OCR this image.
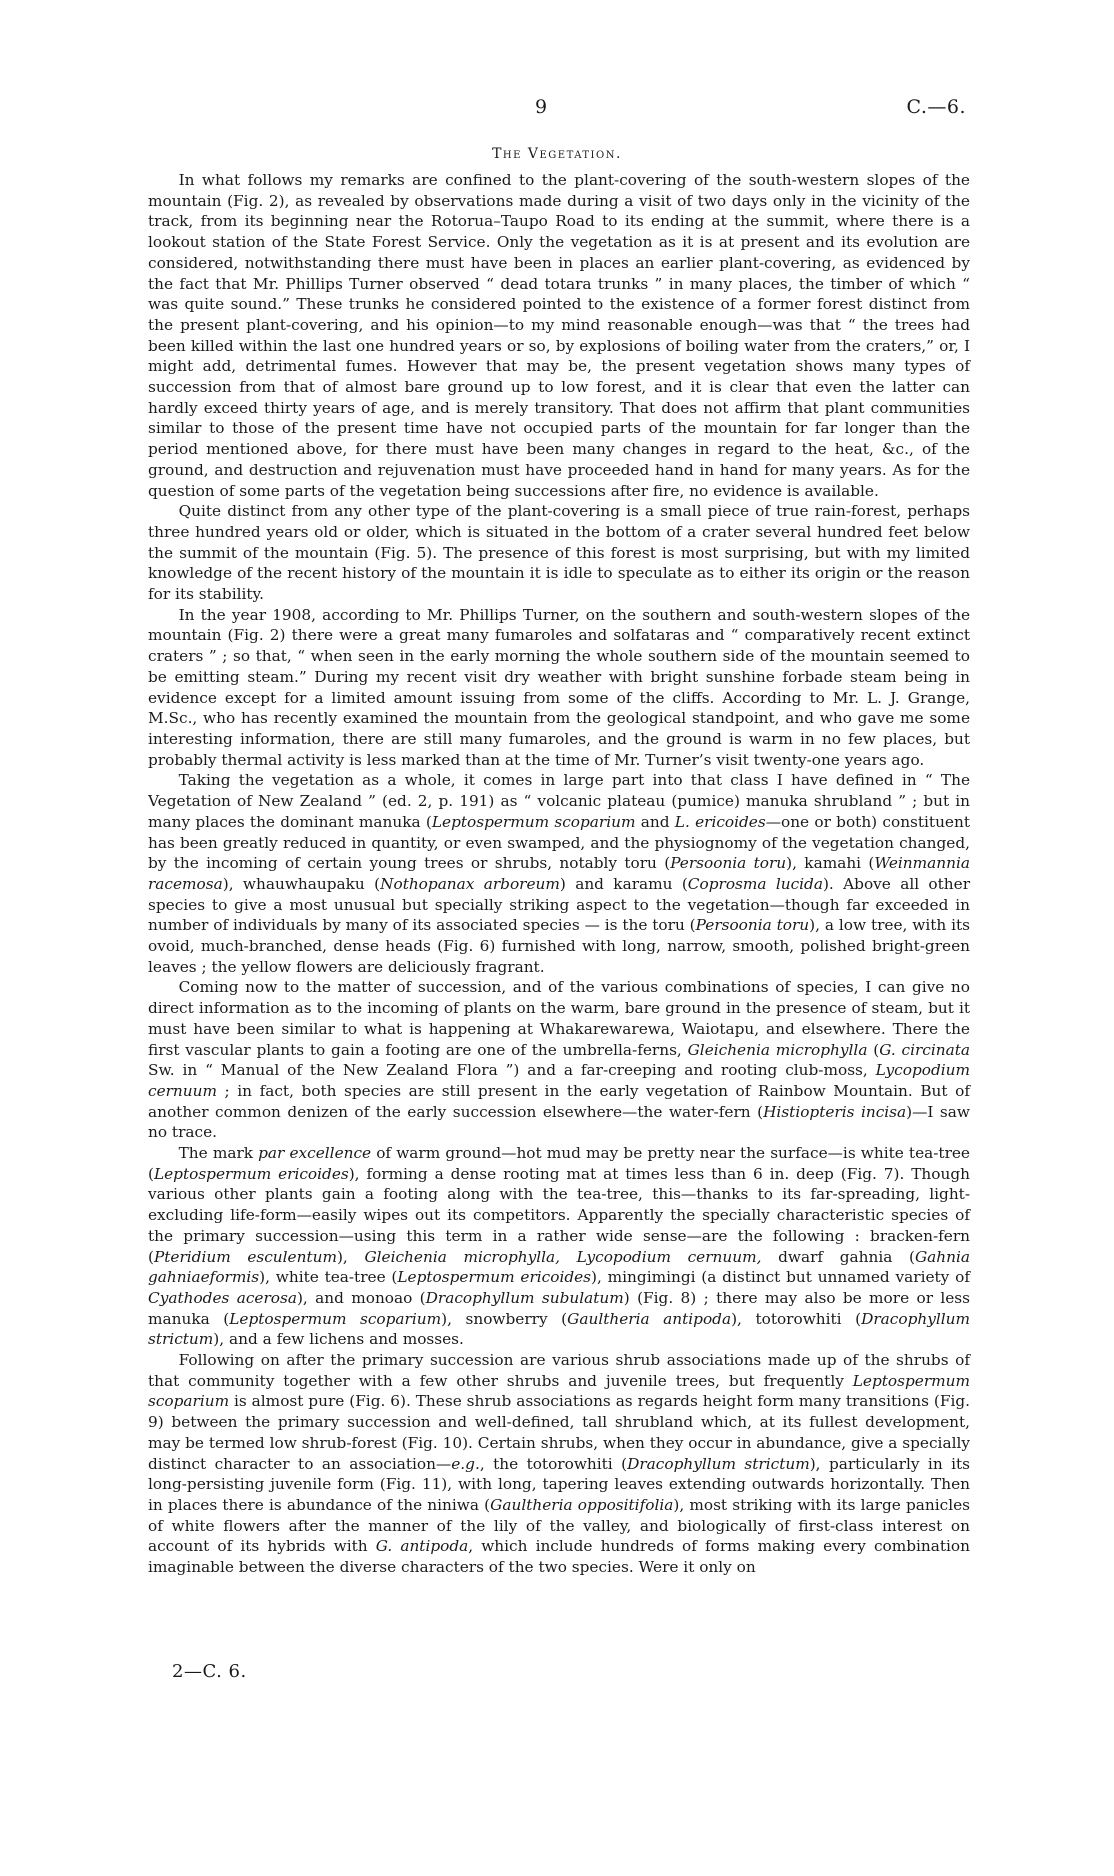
9	C.—6.
The Vegetation.

In what follows my remarks are confined to the plant-covering of the south-western slopes of the mountain (Fig. 2), as revealed by observations made during a visit of two days only in the vicinity of the track, from its beginning near the Rotorua–Taupo Road to its ending at the summit, where there is a lookout station of the State Forest Service. Only the vegetation as it is at present and its evolution are considered, notwithstanding there must have been in places an earlier plant-covering, as evidenced by the fact that Mr. Phillips Turner observed “ dead totara trunks ” in many places, the timber of which “ was quite sound.” These trunks he considered pointed to the existence of a former forest distinct from the present plant-covering, and his opinion—to my mind reasonable enough—was that “ the trees had been killed within the last one hundred years or so, by explosions of boiling water from the craters,” or, I might add, detrimental fumes. However that may be, the present vegetation shows many types of succession from that of almost bare ground up to low forest, and it is clear that even the latter can hardly exceed thirty years of age, and is merely transitory. That does not affirm that plant communities similar to those of the present time have not occupied parts of the mountain for far longer than the period mentioned above, for there must have been many changes in regard to the heat, &c., of the ground, and destruction and rejuvenation must have proceeded hand in hand for many years. As for the question of some parts of the vegetation being successions after fire, no evidence is available.

Quite distinct from any other type of the plant-covering is a small piece of true rain-forest, perhaps three hundred years old or older, which is situated in the bottom of a crater several hundred feet below the summit of the mountain (Fig. 5). The presence of this forest is most surprising, but with my limited knowledge of the recent history of the mountain it is idle to speculate as to either its origin or the reason for its stability.

In the year 1908, according to Mr. Phillips Turner, on the southern and south-western slopes of the mountain (Fig. 2) there were a great many fumaroles and solfataras and “ comparatively recent extinct craters ” ; so that, “ when seen in the early morning the whole southern side of the mountain seemed to be emitting steam.” During my recent visit dry weather with bright sunshine forbade steam being in evidence except for a limited amount issuing from some of the cliffs. According to Mr. L. J. Grange, M.Sc., who has recently examined the mountain from the geological standpoint, and who gave me some interesting information, there are still many fumaroles, and the ground is warm in no few places, but probably thermal activity is less marked than at the time of Mr. Turner’s visit twenty-one years ago.

Taking the vegetation as a whole, it comes in large part into that class I have defined in “ The Vegetation of New Zealand ” (ed. 2, p. 191) as “ volcanic plateau (pumice) manuka shrubland ” ; but in many places the dominant manuka (Leptospermum scoparium and L. ericoides—one or both) constituent has been greatly reduced in quantity, or even swamped, and the physiognomy of the vegetation changed, by the incoming of certain young trees or shrubs, notably toru (Persoonia toru), kamahi (Weinmannia racemosa), whauwhaupaku (Nothopanax arboreum) and karamu (Coprosma lucida). Above all other species to give a most unusual but specially striking aspect to the vegetation—though far exceeded in number of individuals by many of its associated species — is the toru (Persoonia toru), a low tree, with its ovoid, much-branched, dense heads (Fig. 6) furnished with long, narrow, smooth, polished bright-green leaves ; the yellow flowers are deliciously fragrant.

Coming now to the matter of succession, and of the various combinations of species, I can give no direct information as to the incoming of plants on the warm, bare ground in the presence of steam, but it must have been similar to what is happening at Whakarewarewa, Waiotapu, and elsewhere. There the first vascular plants to gain a footing are one of the umbrella-ferns, Gleichenia microphylla (G. circinata Sw. in “ Manual of the New Zealand Flora ”) and a far-creeping and rooting club-moss, Lycopodium cernuum ; in fact, both species are still present in the early vegetation of Rainbow Mountain. But of another common denizen of the early succession elsewhere—the water-fern (Histiopteris incisa)—I saw no trace.

The mark par excellence of warm ground—hot mud may be pretty near the surface—is white tea-tree (Leptospermum ericoides), forming a dense rooting mat at times less than 6 in. deep (Fig. 7). Though various other plants gain a footing along with the tea-tree, this—thanks to its far-spreading, light-excluding life-form—easily wipes out its competitors. Apparently the specially characteristic species of the primary succession—using this term in a rather wide sense—are the following : bracken-fern (Pteridium esculentum), Gleichenia microphylla, Lycopodium cernuum, dwarf gahnia (Gahnia gahniaeformis), white tea-tree (Leptospermum ericoides), mingimingi (a distinct but unnamed variety of Cyathodes acerosa), and monoao (Dracophyllum subulatum) (Fig. 8) ; there may also be more or less manuka (Leptospermum scoparium), snowberry (Gaultheria antipoda), totorowhiti (Dracophyllum strictum), and a few lichens and mosses.

Following on after the primary succession are various shrub associations made up of the shrubs of that community together with a few other shrubs and juvenile trees, but frequently Leptospermum scoparium is almost pure (Fig. 6). These shrub associations as regards height form many transitions (Fig. 9) between the primary succession and well-defined, tall shrubland which, at its fullest development, may be termed low shrub-forest (Fig. 10). Certain shrubs, when they occur in abundance, give a specially distinct character to an association—e.g., the totorowhiti (Dracophyllum strictum), particularly in its long-persisting juvenile form (Fig. 11), with long, tapering leaves extending outwards horizontally. Then in places there is abundance of the niniwa (Gaultheria oppositifolia), most striking with its large panicles of white flowers after the manner of the lily of the valley, and biologically of first-class interest on account of its hybrids with G. antipoda, which include hundreds of forms making every combination imaginable between the diverse characters of the two species. Were it only on

2—C. 6.
